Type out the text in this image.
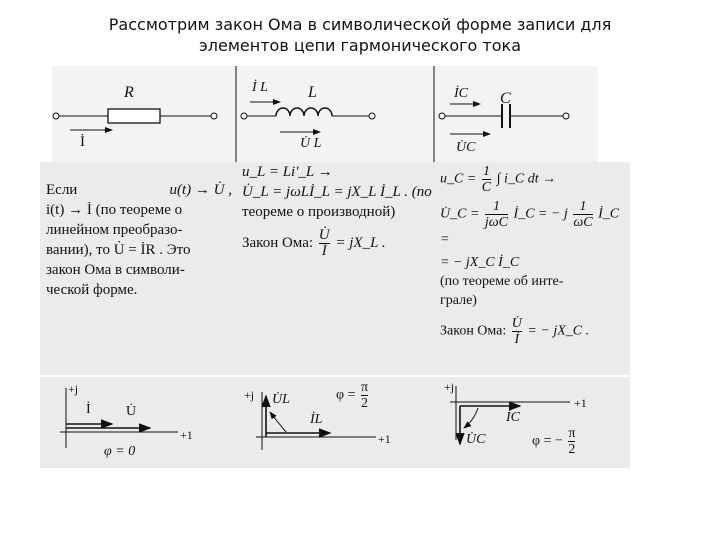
Рассмотрим закон Ома в символической форме записи для
элементов цепи гармонического тока
R
İ
İ L	L
U̇ L
İC C
U̇C
Если	u(t) → U̇ ,
i(t) → İ (по теореме о
линейном преобразо-
вании), то U̇ = İR . Это
закон Ома в символи-
ческой форме.
u_L = Li'_L →
U̇_L = jωLİ_L = jX_L İ_L . (по
теореме о производной)
Закон Ома: $\frac{U̇}{İ}$ = jX_L .
u_C = $\frac{1}{C}$ ∫ i_C dt →
U̇_C = $\frac{1}{\text{jωC}}$ İ_C = − j $\frac{1}{\omega C}$ İ_C =
= − jX_C İ_C
(по теореме об инте-
грале)
Закон Ома: $\frac{U̇}{İ}$ = − jX_C .
+j
İ	U̇
+1
φ = 0
+j U̇L
İL
+1
$\varphi = \frac{\pi}{2}$	+j
İC
U̇C
+1
φ = − $\frac{\pi}{2}$
